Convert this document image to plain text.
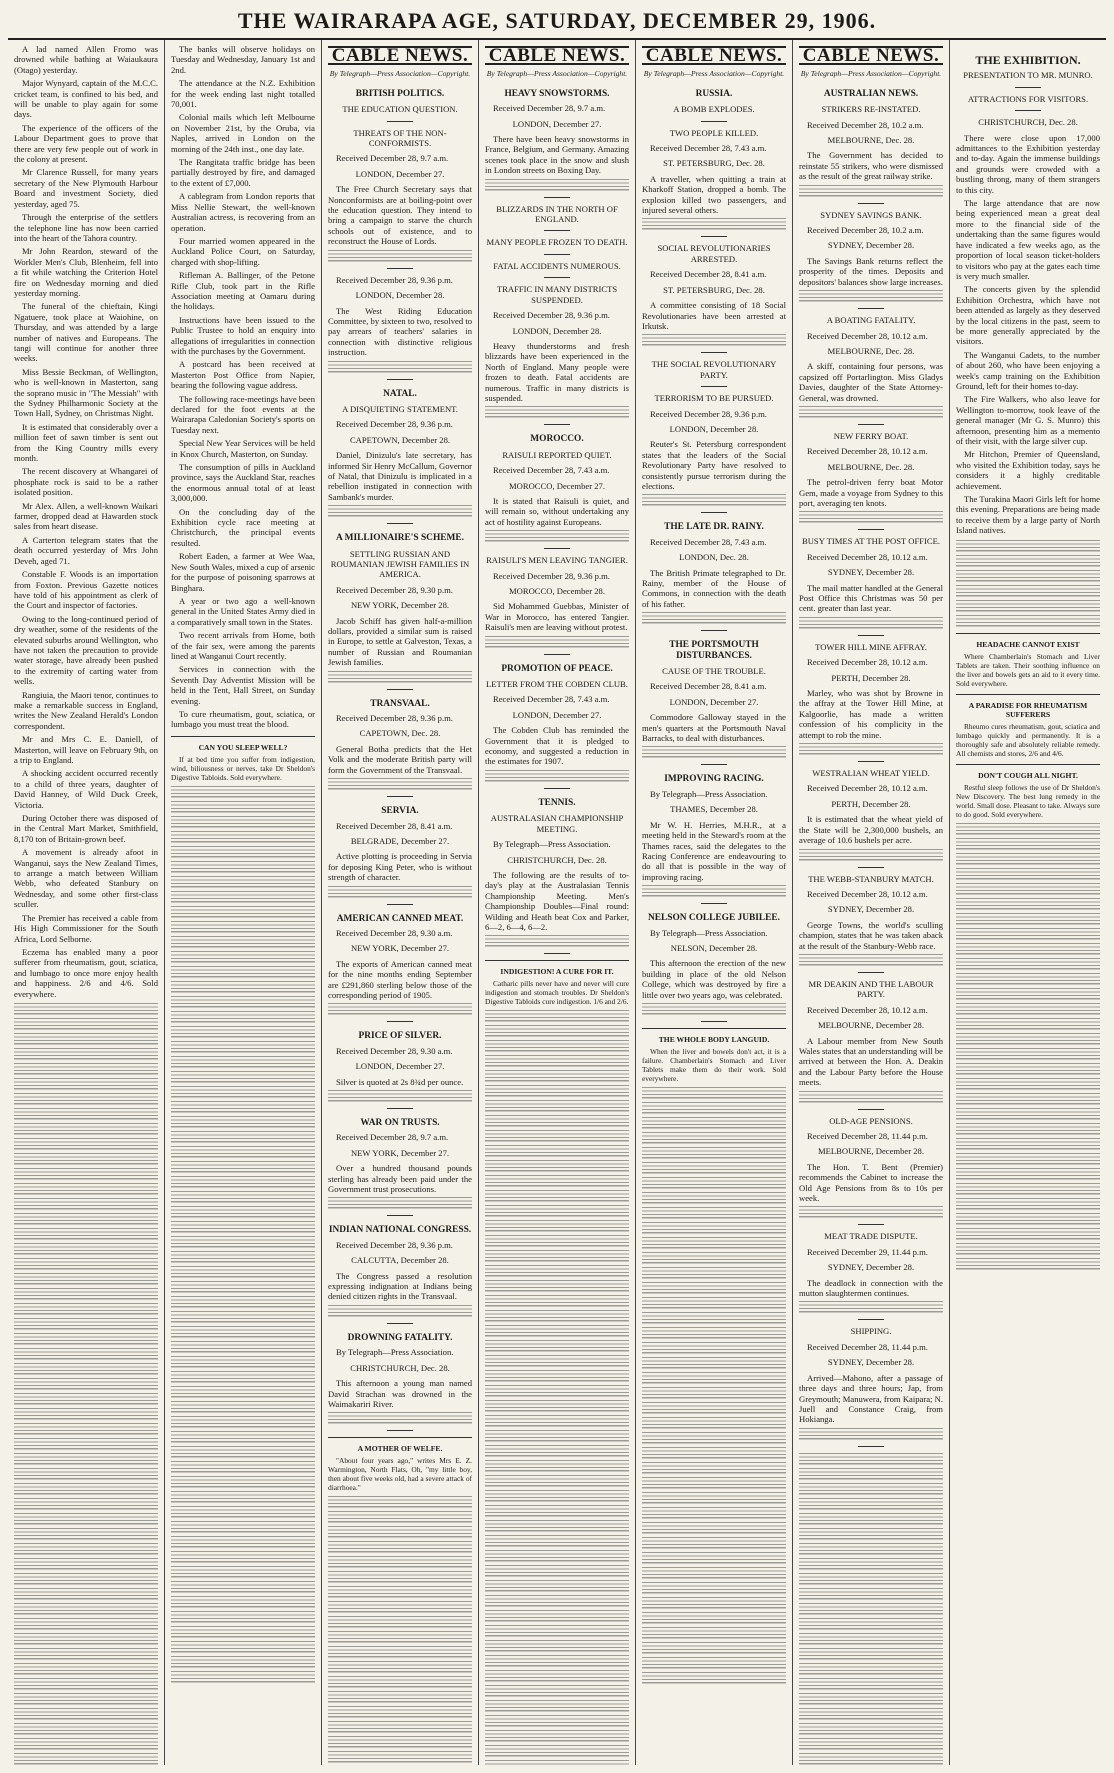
THE WAIRARAPA AGE, SATURDAY, DECEMBER 29, 1906.

A lad named Allen Fromo was drowned while bathing at Waiaukaura (Otago) yesterday.

Major Wynyard, captain of the M.C.C. cricket team, is confined to his bed, and will be unable to play again for some days.

The experience of the officers of the Labour Department goes to prove that there are very few people out of work in the colony at present.

Mr Clarence Russell, for many years secretary of the New Plymouth Harbour Board and investment Society, died yesterday, aged 75.

Through the enterprise of the settlers the telephone line has now been carried into the heart of the Tahora country.

Mr John Reardon, steward of the Workler Men's Club, Blenheim, fell into a fit while watching the Criterion Hotel fire on Wednesday morning and died yesterday morning.

The funeral of the chieftain, Kingi Ngatuere, took place at Waiohine, on Thursday, and was attended by a large number of natives and Europeans. The tangi will continue for another three weeks.

Miss Bessie Beckman, of Wellington, who is well-known in Masterton, sang the soprano music in "The Messiah" with the Sydney Philharmonic Society at the Town Hall, Sydney, on Christmas Night.

It is estimated that considerably over a million feet of sawn timber is sent out from the King Country mills every month.

The recent discovery at Whangarei of phosphate rock is said to be a rather isolated position.

Mr Alex. Allen, a well-known Waikari farmer, dropped dead at Hawarden stock sales from heart disease.

A Carterton telegram states that the death occurred yesterday of Mrs John Deveh, aged 71.

Constable F. Woods is an importation from Foxton. Previous Gazette notices have told of his appointment as clerk of the Court and inspector of factories.

Owing to the long-continued period of dry weather, some of the residents of the elevated suburbs around Wellington, who have not taken the precaution to provide water storage, have already been pushed to the extremity of carting water from wells.

Rangiuia, the Maori tenor, continues to make a remarkable success in England, writes the New Zealand Herald's London correspondent.

Mr and Mrs C. E. Daniell, of Masterton, will leave on February 9th, on a trip to England.

A shocking accident occurred recently to a child of three years, daughter of David Hanney, of Wild Duck Creek, Victoria.

During October there was disposed of in the Central Mart Market, Smithfield, 8,170 ton of Britain-grown beef.

A movement is already afoot in Wanganui, says the New Zealand Times, to arrange a match between William Webb, who defeated Stanbury on Wednesday, and some other first-class sculler.

The Premier has received a cable from His High Commissioner for the South Africa, Lord Selborne.

Eczema has enabled many a poor sufferer from rheumatism, gout, sciatica, and lumbago to once more enjoy health and happiness. 2/6 and 4/6. Sold everywhere.

The banks will observe holidays on Tuesday and Wednesday, January 1st and 2nd.

The attendance at the N.Z. Exhibition for the week ending last night totalled 70,001.

Colonial mails which left Melbourne on November 21st, by the Oruba, via Naples, arrived in London on the morning of the 24th inst., one day late.

The Rangitata traffic bridge has been partially destroyed by fire, and damaged to the extent of £7,000.

A cablegram from London reports that Miss Nellie Stewart, the well-known Australian actress, is recovering from an operation.

Four married women appeared in the Auckland Police Court, on Saturday, charged with shop-lifting.

Rifleman A. Ballinger, of the Petone Rifle Club, took part in the Rifle Association meeting at Oamaru during the holidays.

Instructions have been issued to the Public Trustee to hold an enquiry into allegations of irregularities in connection with the purchases by the Government.

A postcard has been received at Masterton Post Office from Napier, bearing the following vague address.

The following race-meetings have been declared for the foot events at the Wairarapa Caledonian Society's sports on Tuesday next.

Special New Year Services will be held in Knox Church, Masterton, on Sunday.

The consumption of pills in Auckland province, says the Auckland Star, reaches the enormous annual total of at least 3,000,000.

On the concluding day of the Exhibition cycle race meeting at Christchurch, the principal events resulted.

Robert Eaden, a farmer at Wee Waa, New South Wales, mixed a cup of arsenic for the purpose of poisoning sparrows at Binghara.

A year or two ago a well-known general in the United States Army died in a comparatively small town in the States.

Two recent arrivals from Home, both of the fair sex, were among the parents lined at Wanganui Court recently.

Services in connection with the Seventh Day Adventist Mission will be held in the Tent, Hall Street, on Sunday evening.

To cure rheumatism, gout, sciatica, or lumbago you must treat the blood.

CAN YOU SLEEP WELL?

If at bed time you suffer from indigestion, wind, biliousness or nerves, take Dr Sheldon's Digestive Tabloids. Sold everywhere.

CABLE NEWS.
By Telegraph—Press Association—Copyright.
BRITISH POLITICS.
THE EDUCATION QUESTION.
THREATS OF THE NON-CONFORMISTS.

Received December 28, 9.7 a.m.

LONDON, December 27.

The Free Church Secretary says that Nonconformists are at boiling-point over the education question. They intend to bring a campaign to starve the church schools out of existence, and to reconstruct the House of Lords.

Received December 28, 9.36 p.m.

LONDON, December 28.

The West Riding Education Committee, by sixteen to two, resolved to pay arrears of teachers' salaries in connection with distinctive religious instruction.

NATAL.
A DISQUIETING STATEMENT.

Received December 28, 9.36 p.m.

CAPETOWN, December 28.

Daniel, Dinizulu's late secretary, has informed Sir Henry McCallum, Governor of Natal, that Dinizulu is implicated in a rebellion instigated in connection with Sambank's murder.

A MILLIONAIRE'S SCHEME.
SETTLING RUSSIAN AND ROUMANIAN JEWISH FAMILIES IN AMERICA.

Received December 28, 9.30 p.m.

NEW YORK, December 28.

Jacob Schiff has given half-a-million dollars, provided a similar sum is raised in Europe, to settle at Galveston, Texas, a number of Russian and Roumanian Jewish families.

TRANSVAAL.

Received December 28, 9.36 p.m.

CAPETOWN, Dec. 28.

General Botha predicts that the Het Volk and the moderate British party will form the Government of the Transvaal.

SERVIA.

Received December 28, 8.41 a.m.

BELGRADE, December 27.

Active plotting is proceeding in Servia for deposing King Peter, who is without strength of character.

AMERICAN CANNED MEAT.

Received December 28, 9.30 a.m.

NEW YORK, December 27.

The exports of American canned meat for the nine months ending September are £291,860 sterling below those of the corresponding period of 1905.

PRICE OF SILVER.

Received December 28, 9.30 a.m.

LONDON, December 27.

Silver is quoted at 2s 8¾d per ounce.

WAR ON TRUSTS.

Received December 28, 9.7 a.m.

NEW YORK, December 27.

Over a hundred thousand pounds sterling has already been paid under the Government trust prosecutions.

INDIAN NATIONAL CONGRESS.

Received December 28, 9.36 p.m.

CALCUTTA, December 28.

The Congress passed a resolution expressing indignation at Indians being denied citizen rights in the Transvaal.

DROWNING FATALITY.

By Telegraph—Press Association.

CHRISTCHURCH, Dec. 28.

This afternoon a young man named David Strachan was drowned in the Waimakariri River.

A MOTHER OF WELFE.

"About four years ago," writes Mrs E. Z. Warmington, North Flats, Oh, "my little boy, then about five weeks old, had a severe attack of diarrhoea."

CABLE NEWS.
By Telegraph—Press Association—Copyright.
HEAVY SNOWSTORMS.

Received December 28, 9.7 a.m.

LONDON, December 27.

There have been heavy snowstorms in France, Belgium, and Germany. Amazing scenes took place in the snow and slush in London streets on Boxing Day.

BLIZZARDS IN THE NORTH OF ENGLAND.
MANY PEOPLE FROZEN TO DEATH.
FATAL ACCIDENTS NUMEROUS.
TRAFFIC IN MANY DISTRICTS SUSPENDED.

Received December 28, 9.36 p.m.

LONDON, December 28.

Heavy thunderstorms and fresh blizzards have been experienced in the North of England. Many people were frozen to death. Fatal accidents are numerous. Traffic in many districts is suspended.

MOROCCO.
RAISULI REPORTED QUIET.

Received December 28, 7.43 a.m.

MOROCCO, December 27.

It is stated that Raisuli is quiet, and will remain so, without undertaking any act of hostility against Europeans.

RAISULI'S MEN LEAVING TANGIER.

Received December 28, 9.36 p.m.

MOROCCO, December 28.

Sid Mohammed Guebbas, Minister of War in Morocco, has entered Tangier. Raisuli's men are leaving without protest.

PROMOTION OF PEACE.
LETTER FROM THE COBDEN CLUB.

Received December 28, 7.43 a.m.

LONDON, December 27.

The Cobden Club has reminded the Government that it is pledged to economy, and suggested a reduction in the estimates for 1907.

TENNIS.
AUSTRALASIAN CHAMPIONSHIP MEETING.

By Telegraph—Press Association.

CHRISTCHURCH, Dec. 28.

The following are the results of to-day's play at the Australasian Tennis Championship Meeting. Men's Championship Doubles—Final round: Wilding and Heath beat Cox and Parker, 6—2, 6—4, 6—2.

INDIGESTION! A CURE FOR IT.

Catharic pills never have and never will cure indigestion and stomach troubles. Dr Sheldon's Digestive Tabloids cure indigestion. 1/6 and 2/6.

CABLE NEWS.
By Telegraph—Press Association—Copyright.
RUSSIA.
A BOMB EXPLODES.
TWO PEOPLE KILLED.

Received December 28, 7.43 a.m.

ST. PETERSBURG, Dec. 28.

A traveller, when quitting a train at Kharkoff Station, dropped a bomb. The explosion killed two passengers, and injured several others.

SOCIAL REVOLUTIONARIES ARRESTED.

Received December 28, 8.41 a.m.

ST. PETERSBURG, Dec. 28.

A committee consisting of 18 Social Revolutionaries have been arrested at Irkutsk.

THE SOCIAL REVOLUTIONARY PARTY.
TERRORISM TO BE PURSUED.

Received December 28, 9.36 p.m.

LONDON, December 28.

Reuter's St. Petersburg correspondent states that the leaders of the Social Revolutionary Party have resolved to consistently pursue terrorism during the elections.

THE LATE DR. RAINY.

Received December 28, 7.43 a.m.

LONDON, Dec. 28.

The British Primate telegraphed to Dr. Rainy, member of the House of Commons, in connection with the death of his father.

THE PORTSMOUTH DISTURBANCES.
CAUSE OF THE TROUBLE.

Received December 28, 8.41 a.m.

LONDON, December 27.

Commodore Galloway stayed in the men's quarters at the Portsmouth Naval Barracks, to deal with disturbances.

IMPROVING RACING.

By Telegraph—Press Association.

THAMES, December 28.

Mr W. H. Herries, M.H.R., at a meeting held in the Steward's room at the Thames races, said the delegates to the Racing Conference are endeavouring to do all that is possible in the way of improving racing.

NELSON COLLEGE JUBILEE.

By Telegraph—Press Association.

NELSON, December 28.

This afternoon the erection of the new building in place of the old Nelson College, which was destroyed by fire a little over two years ago, was celebrated.

THE WHOLE BODY LANGUID.

When the liver and bowels don't act, it is a failure. Chamberlain's Stomach and Liver Tablets make them do their work. Sold everywhere.

CABLE NEWS.
By Telegraph—Press Association—Copyright.
AUSTRALIAN NEWS.
STRIKERS RE-INSTATED.

Received December 28, 10.2 a.m.

MELBOURNE, Dec. 28.

The Government has decided to reinstate 55 strikers, who were dismissed as the result of the great railway strike.

SYDNEY SAVINGS BANK.

Received December 28, 10.2 a.m.

SYDNEY, December 28.

The Savings Bank returns reflect the prosperity of the times. Deposits and depositors' balances show large increases.

A BOATING FATALITY.

Received December 28, 10.12 a.m.

MELBOURNE, Dec. 28.

A skiff, containing four persons, was capsized off Portarlington. Miss Gladys Davies, daughter of the State Attorney-General, was drowned.

NEW FERRY BOAT.

Received December 28, 10.12 a.m.

MELBOURNE, Dec. 28.

The petrol-driven ferry boat Motor Gem, made a voyage from Sydney to this port, averaging ten knots.

BUSY TIMES AT THE POST OFFICE.

Received December 28, 10.12 a.m.

SYDNEY, December 28.

The mail matter handled at the General Post Office this Christmas was 50 per cent. greater than last year.

TOWER HILL MINE AFFRAY.

Received December 28, 10.12 a.m.

PERTH, December 28.

Marley, who was shot by Browne in the affray at the Tower Hill Mine, at Kalgoorlie, has made a written confession of his complicity in the attempt to rob the mine.

WESTRALIAN WHEAT YIELD.

Received December 28, 10.12 a.m.

PERTH, December 28.

It is estimated that the wheat yield of the State will be 2,300,000 bushels, an average of 10.6 bushels per acre.

THE WEBB-STANBURY MATCH.

Received December 28, 10.12 a.m.

SYDNEY, December 28.

George Towns, the world's sculling champion, states that he was taken aback at the result of the Stanbury-Webb race.

MR DEAKIN AND THE LABOUR PARTY.

Received December 28, 10.12 a.m.

MELBOURNE, December 28.

A Labour member from New South Wales states that an understanding will be arrived at between the Hon. A. Deakin and the Labour Party before the House meets.

OLD-AGE PENSIONS.

Received December 28, 11.44 p.m.

MELBOURNE, December 28.

The Hon. T. Bent (Premier) recommends the Cabinet to increase the Old Age Pensions from 8s to 10s per week.

MEAT TRADE DISPUTE.

Received December 29, 11.44 p.m.

SYDNEY, December 28.

The deadlock in connection with the mutton slaughtermen continues.

SHIPPING.

Received December 28, 11.44 p.m.

SYDNEY, December 28.

Arrived—Mahono, after a passage of three days and three hours; Jap, from Greymouth; Manuwera, from Kaipara; N. Juell and Constance Craig, from Hokianga.

THE EXHIBITION.
PRESENTATION TO MR. MUNRO.
ATTRACTIONS FOR VISITORS.
CHRISTCHURCH, Dec. 28.

There were close upon 17,000 admittances to the Exhibition yesterday and to-day. Again the immense buildings and grounds were crowded with a bustling throng, many of them strangers to this city.

The large attendance that are now being experienced mean a great deal more to the financial side of the undertaking than the same figures would have indicated a few weeks ago, as the proportion of local season ticket-holders to visitors who pay at the gates each time is very much smaller.

The concerts given by the splendid Exhibition Orchestra, which have not been attended as largely as they deserved by the local citizens in the past, seem to be more generally appreciated by the visitors.

The Wanganui Cadets, to the number of about 260, who have been enjoying a week's camp training on the Exhibition Ground, left for their homes to-day.

The Fire Walkers, who also leave for Wellington to-morrow, took leave of the general manager (Mr G. S. Munro) this afternoon, presenting him as a memento of their visit, with the large silver cup.

Mr Hitchon, Premier of Queensland, who visited the Exhibition today, says he considers it a highly creditable achievement.

The Turakina Maori Girls left for home this evening. Preparations are being made to receive them by a large party of North Island natives.

HEADACHE CANNOT EXIST

Where Chamberlain's Stomach and Liver Tablets are taken. Their soothing influence on the liver and bowels gets an aid to it every time. Sold everywhere.

A PARADISE FOR RHEUMATISM SUFFERERS

Rheumo cures rheumatism, gout, sciatica and lumbago quickly and permanently. It is a thoroughly safe and absolutely reliable remedy. All chemists and stores, 2/6 and 4/6.

DON'T COUGH ALL NIGHT.

Restful sleep follows the use of Dr Sheldon's New Discovery. The best lung remedy in the world. Small dose. Pleasant to take. Always sure to do good. Sold everywhere.
